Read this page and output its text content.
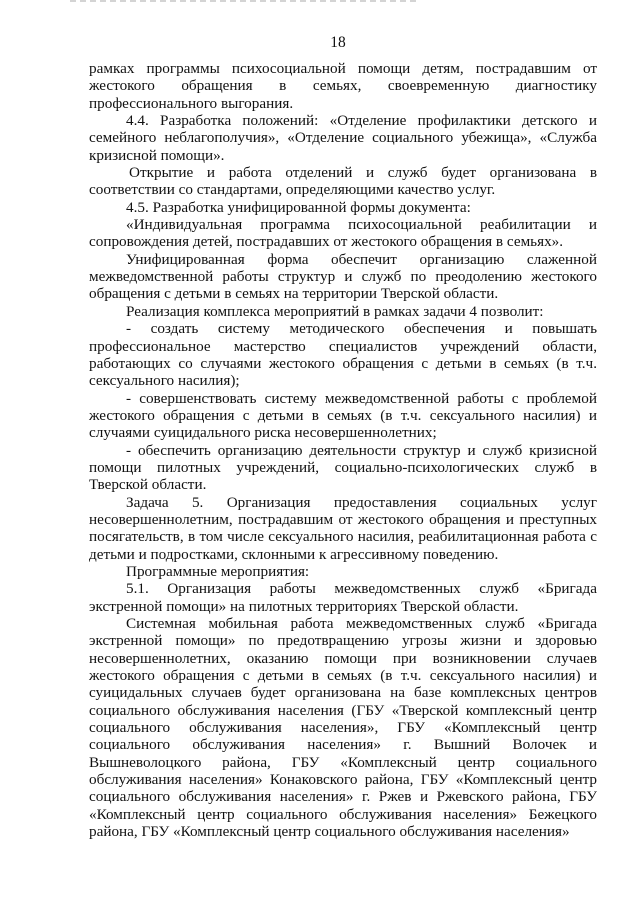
18

рамках программы психосоциальной помощи детям, пострадавшим от жестокого обращения в семьях, своевременную диагностику профессионального выгорания.

4.4. Разработка положений: «Отделение профилактики детского и семейного неблагополучия», «Отделение социального убежища», «Служба кризисной помощи».

Открытие и работа отделений и служб будет организована в соответствии со стандартами, определяющими качество услуг.

4.5. Разработка унифицированной формы документа:

«Индивидуальная программа психосоциальной реабилитации и сопровождения детей, пострадавших от жестокого обращения в семьях».

Унифицированная форма обеспечит организацию слаженной межведомственной работы структур и служб по преодолению жестокого обращения с детьми в семьях на территории Тверской области.

Реализация комплекса мероприятий в рамках задачи 4 позволит:

- создать систему методического обеспечения и повышать профессиональное мастерство специалистов учреждений области, работающих со случаями жестокого обращения с детьми в семьях (в т.ч. сексуального насилия);

- совершенствовать систему межведомственной работы с проблемой жестокого обращения с детьми в семьях (в т.ч. сексуального насилия) и случаями суицидального риска несовершеннолетних;

- обеспечить организацию деятельности структур и служб кризисной помощи пилотных учреждений, социально-психологических служб в Тверской области.

Задача 5. Организация предоставления социальных услуг несовершеннолетним, пострадавшим от жестокого обращения и преступных посягательств, в том числе сексуального насилия, реабилитационная работа с детьми и подростками, склонными к агрессивному поведению.

Программные мероприятия:

5.1. Организация работы межведомственных служб «Бригада экстренной помощи» на пилотных территориях Тверской области.

Системная мобильная работа межведомственных служб «Бригада экстренной помощи» по предотвращению угрозы жизни и здоровью несовершеннолетних, оказанию помощи при возникновении случаев жестокого обращения с детьми в семьях (в т.ч. сексуального насилия) и суицидальных случаев будет организована на базе комплексных центров социального обслуживания населения (ГБУ «Тверской комплексный центр социального обслуживания населения», ГБУ «Комплексный центр социального обслуживания населения» г. Вышний Волочек и Вышневолоцкого района, ГБУ «Комплексный центр социального обслуживания населения» Конаковского района, ГБУ «Комплексный центр социального обслуживания населения» г. Ржев и Ржевского района, ГБУ «Комплексный центр социального обслуживания населения» Бежецкого района, ГБУ «Комплексный центр социального обслуживания населения»
